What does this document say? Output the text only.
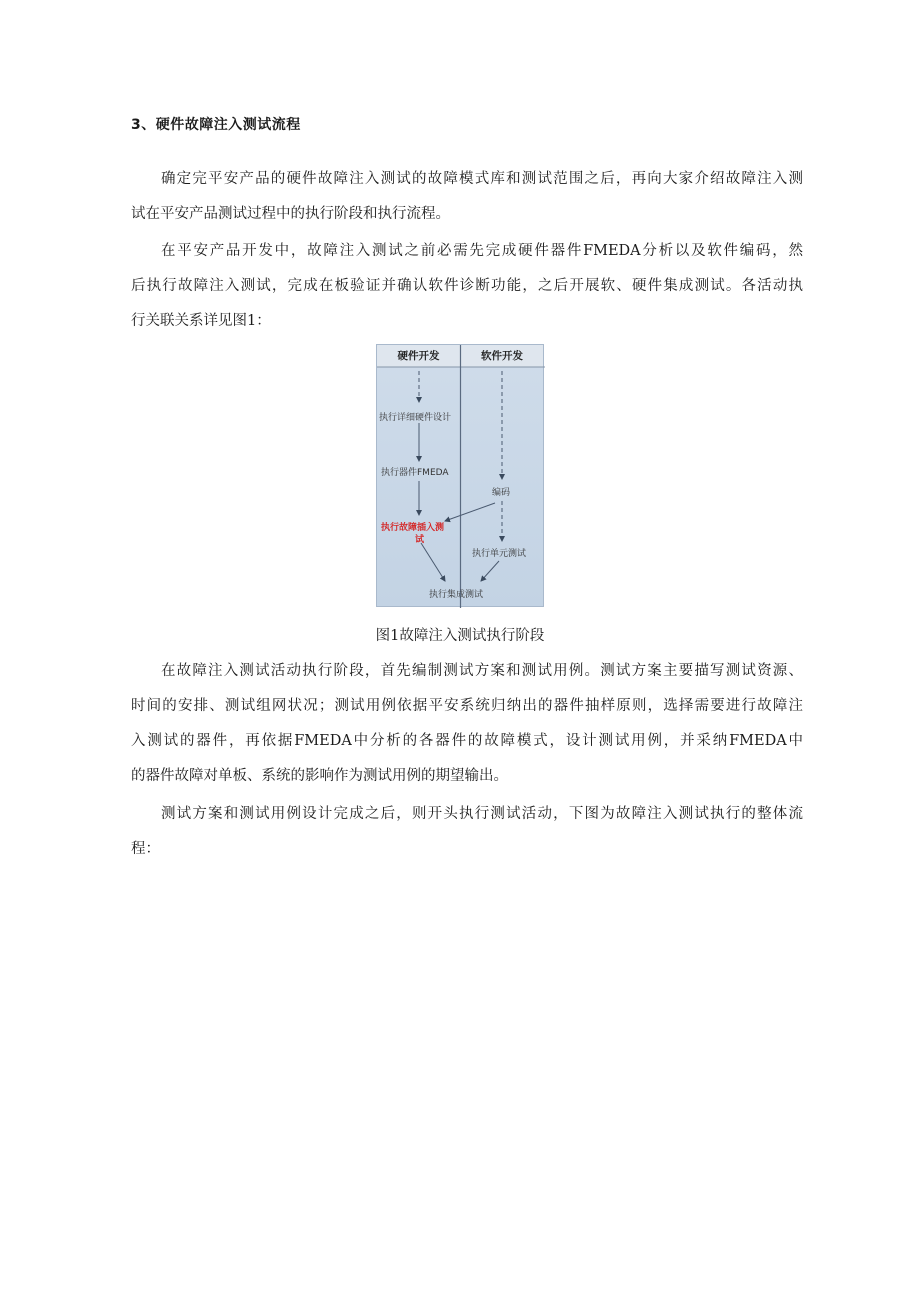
3、硬件故障注入测试流程
确定完平安产品的硬件故障注入测试的故障模式库和测试范围之后，再向大家介绍故障注入测
试在平安产品测试过程中的执行阶段和执行流程。
在平安产品开发中，故障注入测试之前必需先完成硬件器件FMEDA分析以及软件编码，然
后执行故障注入测试，完成在板验证并确认软件诊断功能，之后开展软、硬件集成测试。各活动执
行关联关系详见图1：
硬件开发	软件开发
执行详细硬件设计
执行器件FMEDA
执行故障插入测
试
编码
执行单元测试
执行集成测试
图1故障注入测试执行阶段
在故障注入测试活动执行阶段，首先编制测试方案和测试用例。测试方案主要描写测试资源、
时间的安排、测试组网状况；测试用例依据平安系统归纳出的器件抽样原则，选择需要进行故障注
入测试的器件，再依据FMEDA中分析的各器件的故障模式，设计测试用例，并采纳FMEDA中
的器件故障对单板、系统的影响作为测试用例的期望输出。
测试方案和测试用例设计完成之后，则开头执行测试活动，下图为故障注入测试执行的整体流
程：
